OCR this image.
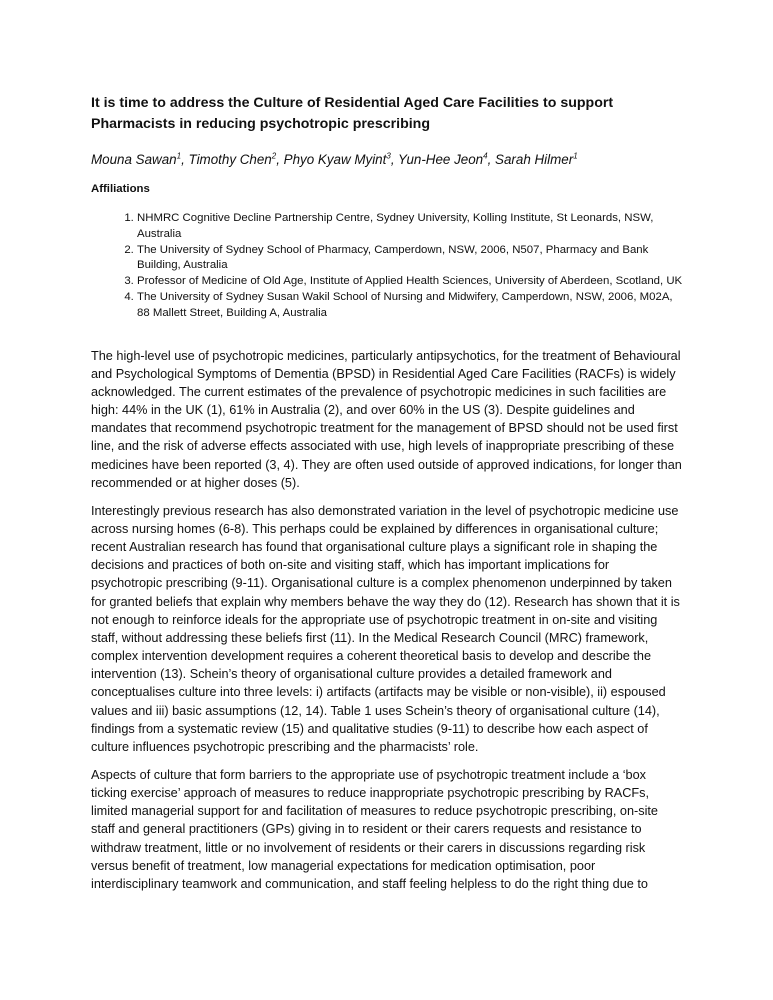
It is time to address the Culture of Residential Aged Care Facilities to support Pharmacists in reducing psychotropic prescribing

Mouna Sawan$^1$, Timothy Chen$^2$, Phyo Kyaw Myint$^3$, Yun-Hee Jeon$^4$, Sarah Hilmer$^1$

Affiliations
1. NHMRC Cognitive Decline Partnership Centre, Sydney University, Kolling Institute, St Leonards, NSW, Australia
2. The University of Sydney School of Pharmacy, Camperdown, NSW, 2006, N507, Pharmacy and Bank Building, Australia
3. Professor of Medicine of Old Age, Institute of Applied Health Sciences, University of Aberdeen, Scotland, UK
4. The University of Sydney Susan Wakil School of Nursing and Midwifery, Camperdown, NSW, 2006, M02A, 88 Mallett Street, Building A, Australia

The high-level use of psychotropic medicines, particularly antipsychotics, for the treatment of Behavioural and Psychological Symptoms of Dementia (BPSD) in Residential Aged Care Facilities (RACFs) is widely acknowledged. The current estimates of the prevalence of psychotropic medicines in such facilities are high: 44% in the UK (1), 61% in Australia (2), and over 60% in the US (3). Despite guidelines and mandates that recommend psychotropic treatment for the management of BPSD should not be used first line, and the risk of adverse effects associated with use, high levels of inappropriate prescribing of these medicines have been reported (3, 4). They are often used outside of approved indications, for longer than recommended or at higher doses (5).

Interestingly previous research has also demonstrated variation in the level of psychotropic medicine use across nursing homes (6-8). This perhaps could be explained by differences in organisational culture; recent Australian research has found that organisational culture plays a significant role in shaping the decisions and practices of both on-site and visiting staff, which has important implications for psychotropic prescribing (9-11). Organisational culture is a complex phenomenon underpinned by taken for granted beliefs that explain why members behave the way they do (12). Research has shown that it is not enough to reinforce ideals for the appropriate use of psychotropic treatment in on-site and visiting staff, without addressing these beliefs first (11). In the Medical Research Council (MRC) framework, complex intervention development requires a coherent theoretical basis to develop and describe the intervention (13). Schein’s theory of organisational culture provides a detailed framework and conceptualises culture into three levels: i) artifacts (artifacts may be visible or non-visible), ii) espoused values and iii) basic assumptions (12, 14). Table 1 uses Schein’s theory of organisational culture (14), findings from a systematic review (15) and qualitative studies (9-11) to describe how each aspect of culture influences psychotropic prescribing and the pharmacists’ role.

Aspects of culture that form barriers to the appropriate use of psychotropic treatment include a ‘box ticking exercise’ approach of measures to reduce inappropriate psychotropic prescribing by RACFs, limited managerial support for and facilitation of measures to reduce psychotropic prescribing, on-site staff and general practitioners (GPs) giving in to resident or their carers requests and resistance to withdraw treatment, little or no involvement of residents or their carers in discussions regarding risk versus benefit of treatment, low managerial expectations for medication optimisation, poor interdisciplinary teamwork and communication, and staff feeling helpless to do the right thing due to
